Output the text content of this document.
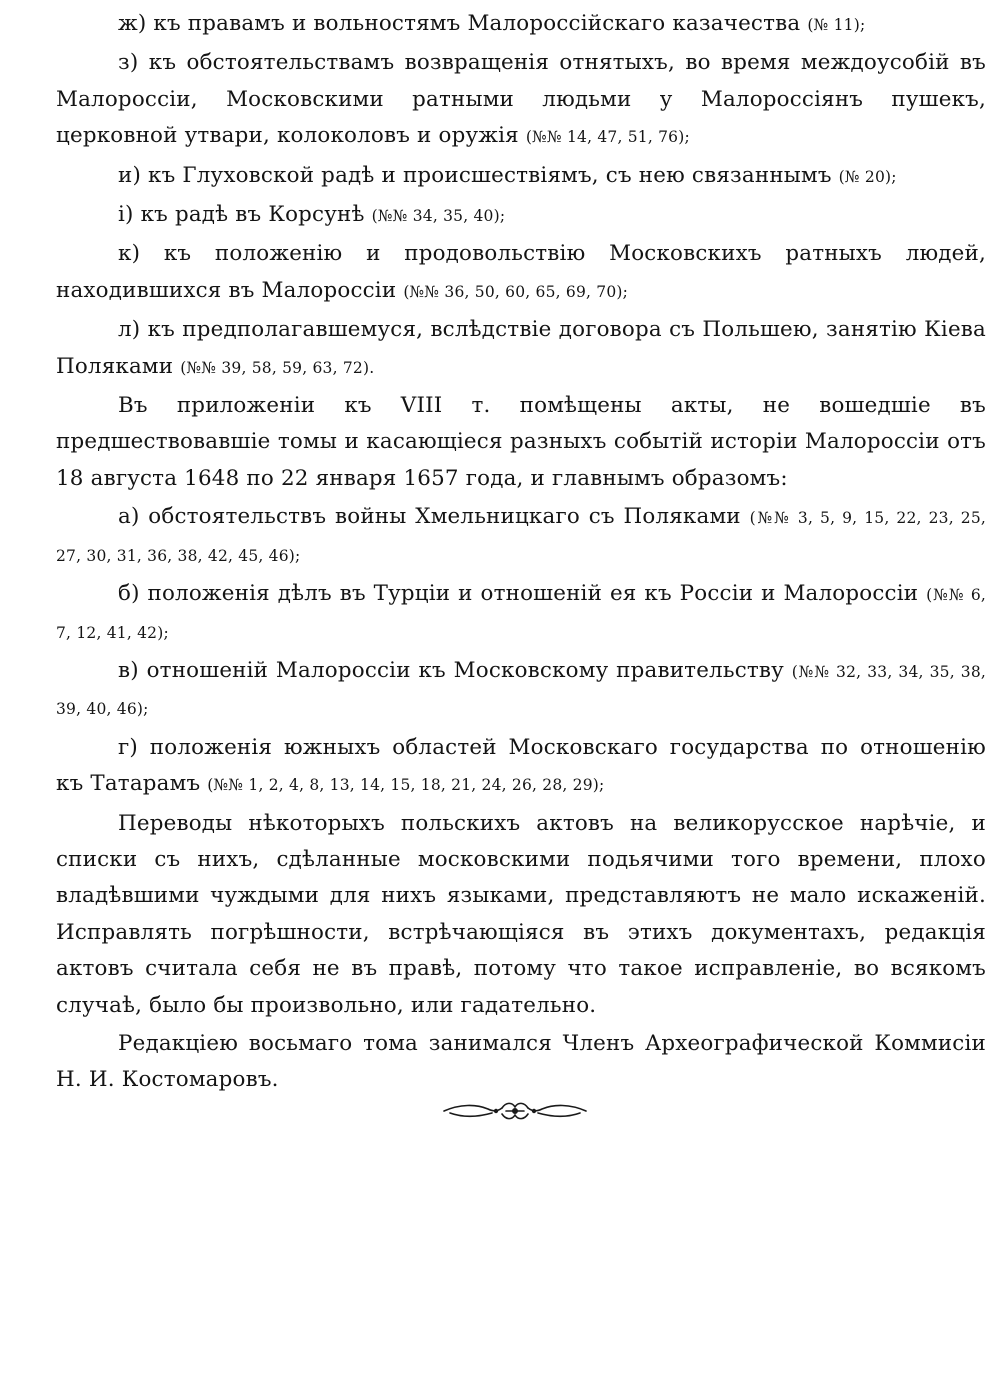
ж) къ правамъ и вольностямъ Малороссійскаго казачества (№ 11);

з) къ обстоятельствамъ возвращенія отнятыхъ, во время междоусобій въ Малороссіи, Московскими ратными людьми у Малороссіянъ пушекъ, церковной утвари, колоколовъ и оружія (№№ 14, 47, 51, 76);

и) къ Глуховской радѣ и происшествіямъ, съ нею связаннымъ (№ 20);

і) къ радѣ въ Корсунѣ (№№ 34, 35, 40);

к) къ положенію и продовольствію Московскихъ ратныхъ людей, находившихся въ Малороссіи (№№ 36, 50, 60, 65, 69, 70);

л) къ предполагавшемуся, вслѣдствіе договора съ Польшею, занятію Кіева Поляками (№№ 39, 58, 59, 63, 72).

Въ приложеніи къ VIII т. помѣщены акты, не вошедшіе въ предшествовавшіе томы и касающіеся разныхъ событій исторіи Малороссіи отъ 18 августа 1648 по 22 января 1657 года, и главнымъ образомъ:

а) обстоятельствъ войны Хмельницкаго съ Поляками (№№ 3, 5, 9, 15, 22, 23, 25, 27, 30, 31, 36, 38, 42, 45, 46);

б) положенія дѣлъ въ Турціи и отношеній ея къ Россіи и Малороссіи (№№ 6, 7, 12, 41, 42);

в) отношеній Малороссіи къ Московскому правительству (№№ 32, 33, 34, 35, 38, 39, 40, 46);

г) положенія южныхъ областей Московскаго государства по отношенію къ Татарамъ (№№ 1, 2, 4, 8, 13, 14, 15, 18, 21, 24, 26, 28, 29);

Переводы нѣкоторыхъ польскихъ актовъ на великорусское нарѣчіе, и списки съ нихъ, сдѣланные московскими подьячими того времени, плохо владѣвшими чуждыми для нихъ языками, представляютъ не мало искаженій. Исправлять погрѣшности, встрѣчающіяся въ этихъ документахъ, редакція актовъ считала себя не въ правѣ, потому что такое исправленіе, во всякомъ случаѣ, было бы произвольно, или гадательно.

Редакціею восьмаго тома занимался Членъ Археографической Коммисіи Н. И. Костомаровъ.
